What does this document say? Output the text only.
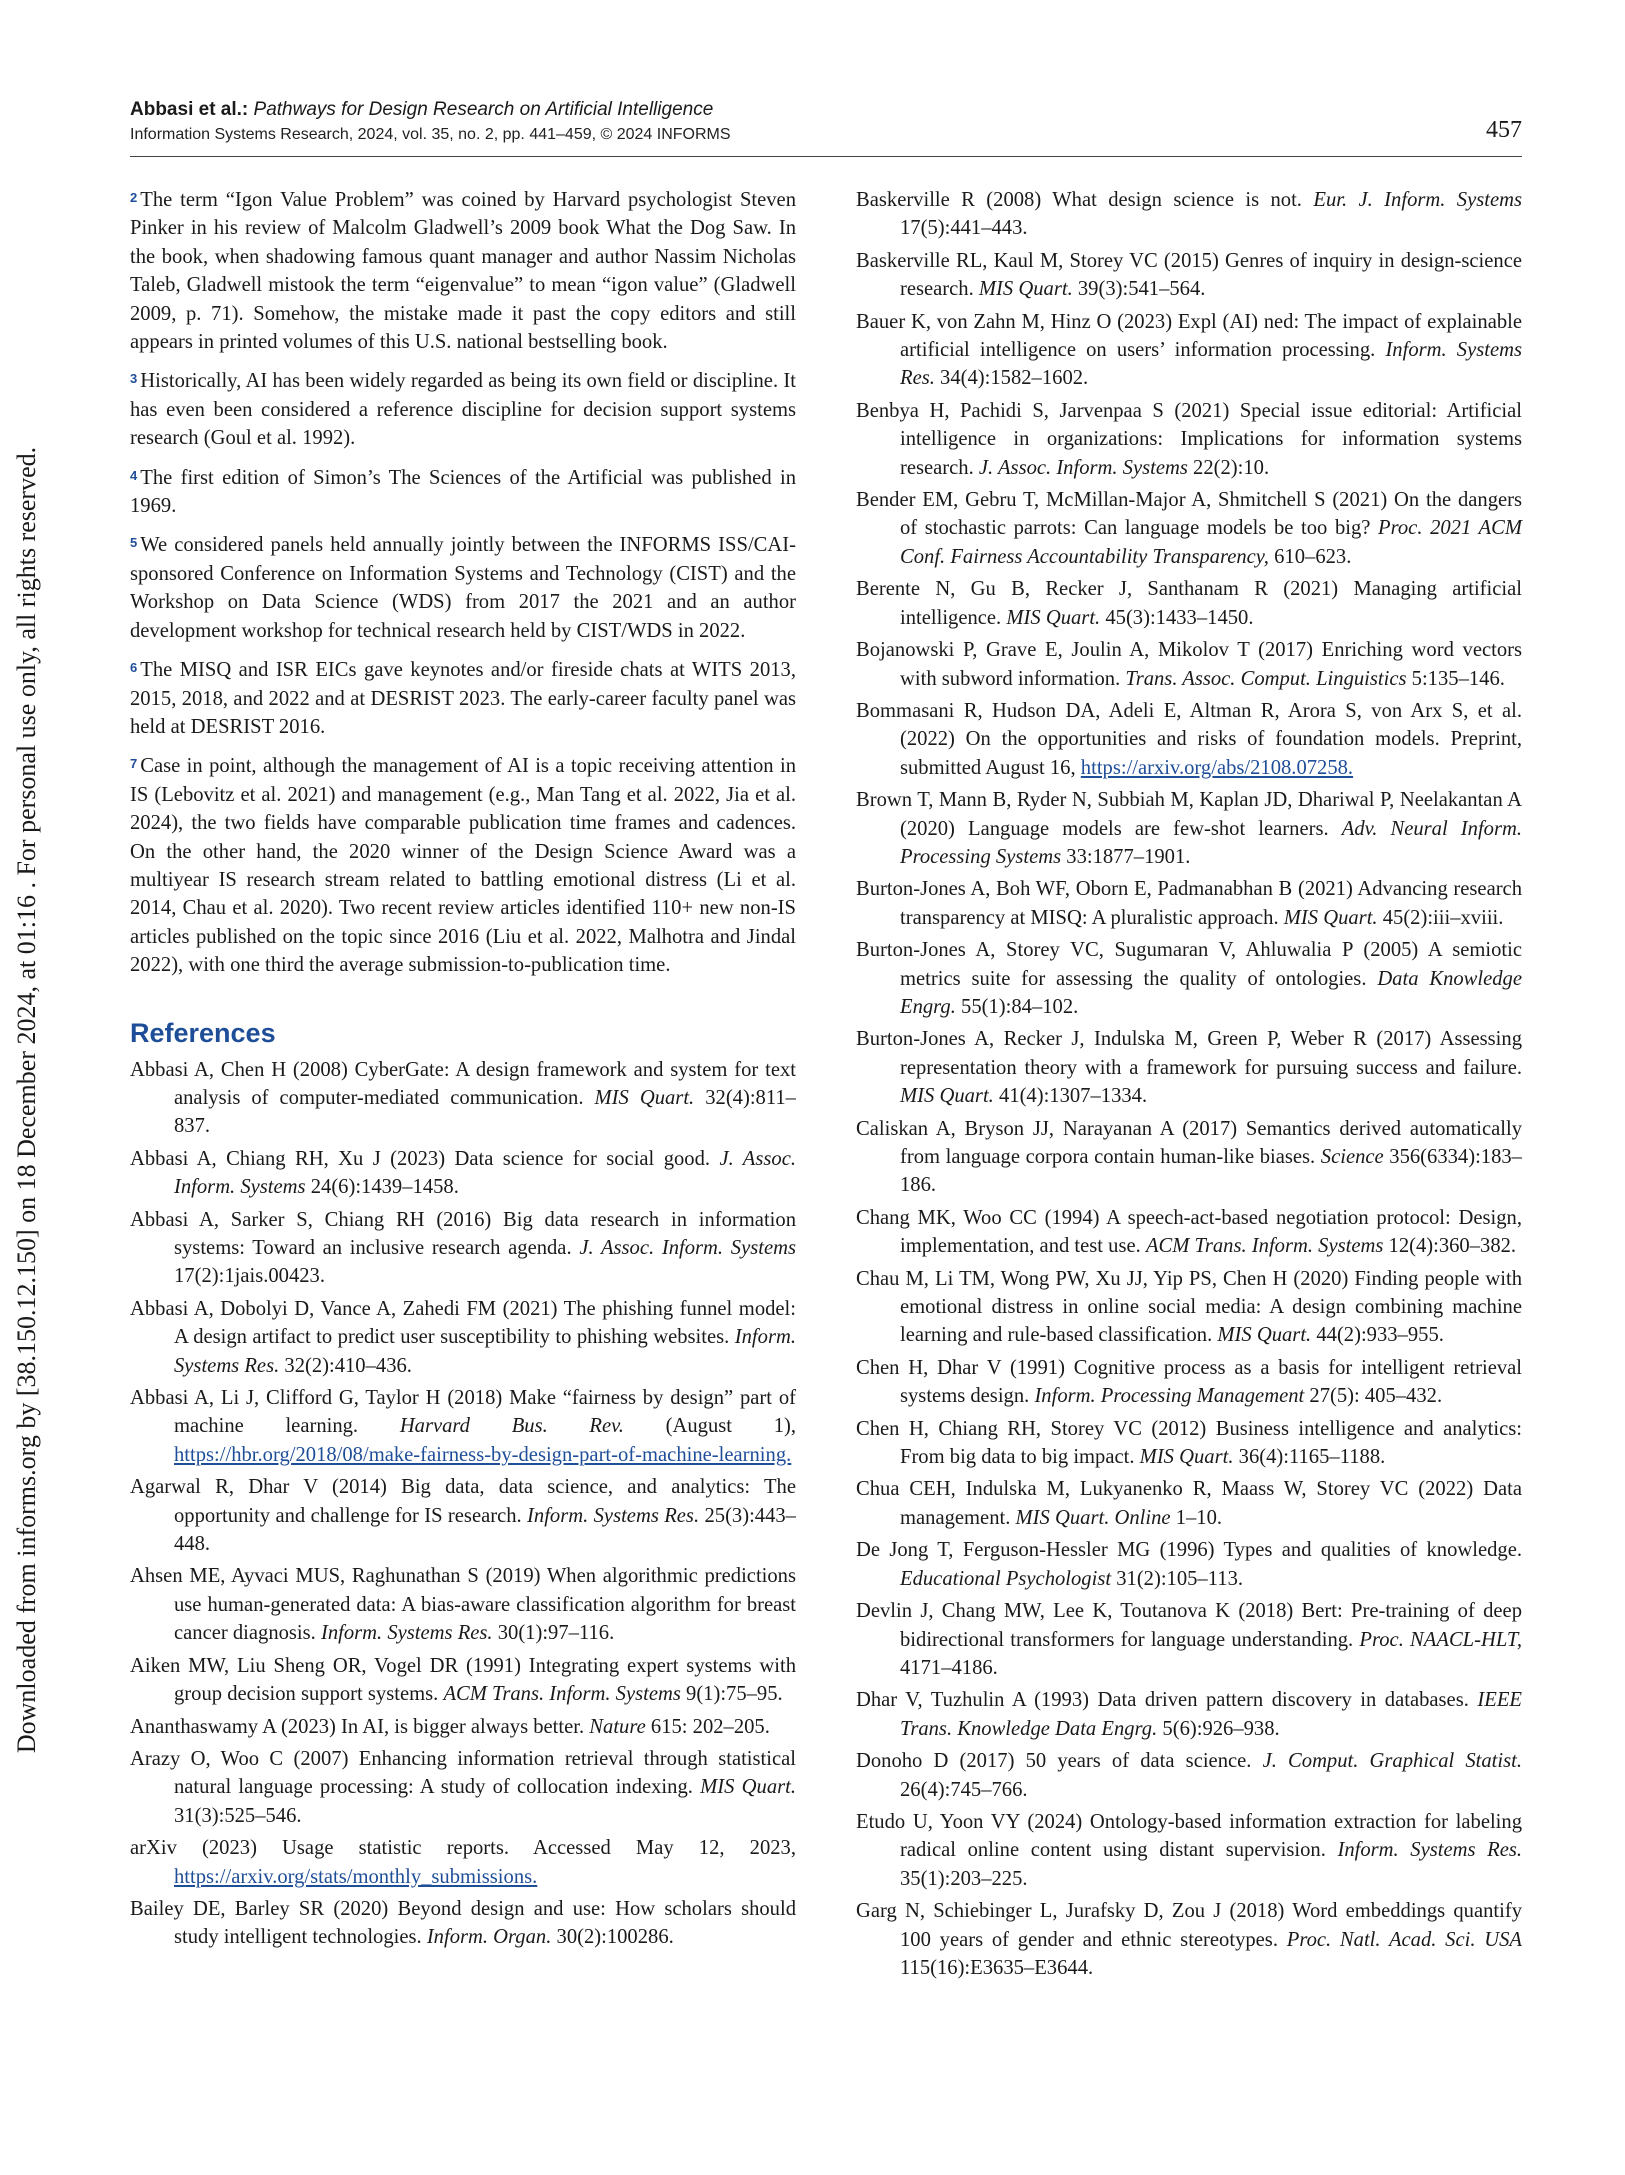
Downloaded from informs.org by [38.150.12.150] on 18 December 2024, at 01:16 . For personal use only, all rights reserved.
Abbasi et al.: Pathways for Design Research on Artificial Intelligence
Information Systems Research, 2024, vol. 35, no. 2, pp. 441–459, © 2024 INFORMS	457
$^2$ The term “Igon Value Problem” was coined by Harvard psychologist Steven Pinker in his review of Malcolm Gladwell’s 2009 book What the Dog Saw. In the book, when shadowing famous quant manager and author Nassim Nicholas Taleb, Gladwell mistook the term “eigenvalue” to mean “igon value” (Gladwell 2009, p. 71). Somehow, the mistake made it past the copy editors and still appears in printed volumes of this U.S. national bestselling book.
$^3$ Historically, AI has been widely regarded as being its own field or discipline. It has even been considered a reference discipline for decision support systems research (Goul et al. 1992).
$^4$ The first edition of Simon’s The Sciences of the Artificial was published in 1969.
$^5$ We considered panels held annually jointly between the INFORMS ISS/CAI-sponsored Conference on Information Systems and Technology (CIST) and the Workshop on Data Science (WDS) from 2017 the 2021 and an author development workshop for technical research held by CIST/WDS in 2022.
$^6$ The MISQ and ISR EICs gave keynotes and/or fireside chats at WITS 2013, 2015, 2018, and 2022 and at DESRIST 2023. The early-career faculty panel was held at DESRIST 2016.
$^7$ Case in point, although the management of AI is a topic receiving attention in IS (Lebovitz et al. 2021) and management (e.g., Man Tang et al. 2022, Jia et al. 2024), the two fields have comparable publication time frames and cadences. On the other hand, the 2020 winner of the Design Science Award was a multiyear IS research stream related to battling emotional distress (Li et al. 2014, Chau et al. 2020). Two recent review articles identified 110+ new non-IS articles published on the topic since 2016 (Liu et al. 2022, Malhotra and Jindal 2022), with one third the average submission-to-publication time.
References
Abbasi A, Chen H (2008) CyberGate: A design framework and system for text analysis of computer-mediated communication. MIS Quart. 32(4):811–837.
Abbasi A, Chiang RH, Xu J (2023) Data science for social good. J. Assoc. Inform. Systems 24(6):1439–1458.
Abbasi A, Sarker S, Chiang RH (2016) Big data research in information systems: Toward an inclusive research agenda. J. Assoc. Inform. Systems 17(2):1jais.00423.
Abbasi A, Dobolyi D, Vance A, Zahedi FM (2021) The phishing funnel model: A design artifact to predict user susceptibility to phishing websites. Inform. Systems Res. 32(2):410–436.
Abbasi A, Li J, Clifford G, Taylor H (2018) Make “fairness by design” part of machine learning. Harvard Bus. Rev. (August 1), https://hbr.org/2018/08/make-fairness-by-design-part-of-machine-learning.
Agarwal R, Dhar V (2014) Big data, data science, and analytics: The opportunity and challenge for IS research. Inform. Systems Res. 25(3):443–448.
Ahsen ME, Ayvaci MUS, Raghunathan S (2019) When algorithmic predictions use human-generated data: A bias-aware classification algorithm for breast cancer diagnosis. Inform. Systems Res. 30(1):97–116.
Aiken MW, Liu Sheng OR, Vogel DR (1991) Integrating expert systems with group decision support systems. ACM Trans. Inform. Systems 9(1):75–95.
Ananthaswamy A (2023) In AI, is bigger always better. Nature 615: 202–205.
Arazy O, Woo C (2007) Enhancing information retrieval through statistical natural language processing: A study of collocation indexing. MIS Quart. 31(3):525–546.
arXiv (2023) Usage statistic reports. Accessed May 12, 2023, https://arxiv.org/stats/monthly_submissions.
Bailey DE, Barley SR (2020) Beyond design and use: How scholars should study intelligent technologies. Inform. Organ. 30(2):100286.
Baskerville R (2008) What design science is not. Eur. J. Inform. Systems 17(5):441–443.
Baskerville RL, Kaul M, Storey VC (2015) Genres of inquiry in design-science research. MIS Quart. 39(3):541–564.
Bauer K, von Zahn M, Hinz O (2023) Expl (AI) ned: The impact of explainable artificial intelligence on users’ information processing. Inform. Systems Res. 34(4):1582–1602.
Benbya H, Pachidi S, Jarvenpaa S (2021) Special issue editorial: Artificial intelligence in organizations: Implications for information systems research. J. Assoc. Inform. Systems 22(2):10.
Bender EM, Gebru T, McMillan-Major A, Shmitchell S (2021) On the dangers of stochastic parrots: Can language models be too big? Proc. 2021 ACM Conf. Fairness Accountability Transparency, 610–623.
Berente N, Gu B, Recker J, Santhanam R (2021) Managing artificial intelligence. MIS Quart. 45(3):1433–1450.
Bojanowski P, Grave E, Joulin A, Mikolov T (2017) Enriching word vectors with subword information. Trans. Assoc. Comput. Linguistics 5:135–146.
Bommasani R, Hudson DA, Adeli E, Altman R, Arora S, von Arx S, et al. (2022) On the opportunities and risks of foundation models. Preprint, submitted August 16, https://arxiv.org/abs/2108.07258.
Brown T, Mann B, Ryder N, Subbiah M, Kaplan JD, Dhariwal P, Neelakantan A (2020) Language models are few-shot learners. Adv. Neural Inform. Processing Systems 33:1877–1901.
Burton-Jones A, Boh WF, Oborn E, Padmanabhan B (2021) Advancing research transparency at MISQ: A pluralistic approach. MIS Quart. 45(2):iii–xviii.
Burton-Jones A, Storey VC, Sugumaran V, Ahluwalia P (2005) A semiotic metrics suite for assessing the quality of ontologies. Data Knowledge Engrg. 55(1):84–102.
Burton-Jones A, Recker J, Indulska M, Green P, Weber R (2017) Assessing representation theory with a framework for pursuing success and failure. MIS Quart. 41(4):1307–1334.
Caliskan A, Bryson JJ, Narayanan A (2017) Semantics derived automatically from language corpora contain human-like biases. Science 356(6334):183–186.
Chang MK, Woo CC (1994) A speech-act-based negotiation protocol: Design, implementation, and test use. ACM Trans. Inform. Systems 12(4):360–382.
Chau M, Li TM, Wong PW, Xu JJ, Yip PS, Chen H (2020) Finding people with emotional distress in online social media: A design combining machine learning and rule-based classification. MIS Quart. 44(2):933–955.
Chen H, Dhar V (1991) Cognitive process as a basis for intelligent retrieval systems design. Inform. Processing Management 27(5): 405–432.
Chen H, Chiang RH, Storey VC (2012) Business intelligence and analytics: From big data to big impact. MIS Quart. 36(4):1165–1188.
Chua CEH, Indulska M, Lukyanenko R, Maass W, Storey VC (2022) Data management. MIS Quart. Online 1–10.
De Jong T, Ferguson-Hessler MG (1996) Types and qualities of knowledge. Educational Psychologist 31(2):105–113.
Devlin J, Chang MW, Lee K, Toutanova K (2018) Bert: Pre-training of deep bidirectional transformers for language understanding. Proc. NAACL-HLT, 4171–4186.
Dhar V, Tuzhulin A (1993) Data driven pattern discovery in databases. IEEE Trans. Knowledge Data Engrg. 5(6):926–938.
Donoho D (2017) 50 years of data science. J. Comput. Graphical Statist. 26(4):745–766.
Etudo U, Yoon VY (2024) Ontology-based information extraction for labeling radical online content using distant supervision. Inform. Systems Res. 35(1):203–225.
Garg N, Schiebinger L, Jurafsky D, Zou J (2018) Word embeddings quantify 100 years of gender and ethnic stereotypes. Proc. Natl. Acad. Sci. USA 115(16):E3635–E3644.
